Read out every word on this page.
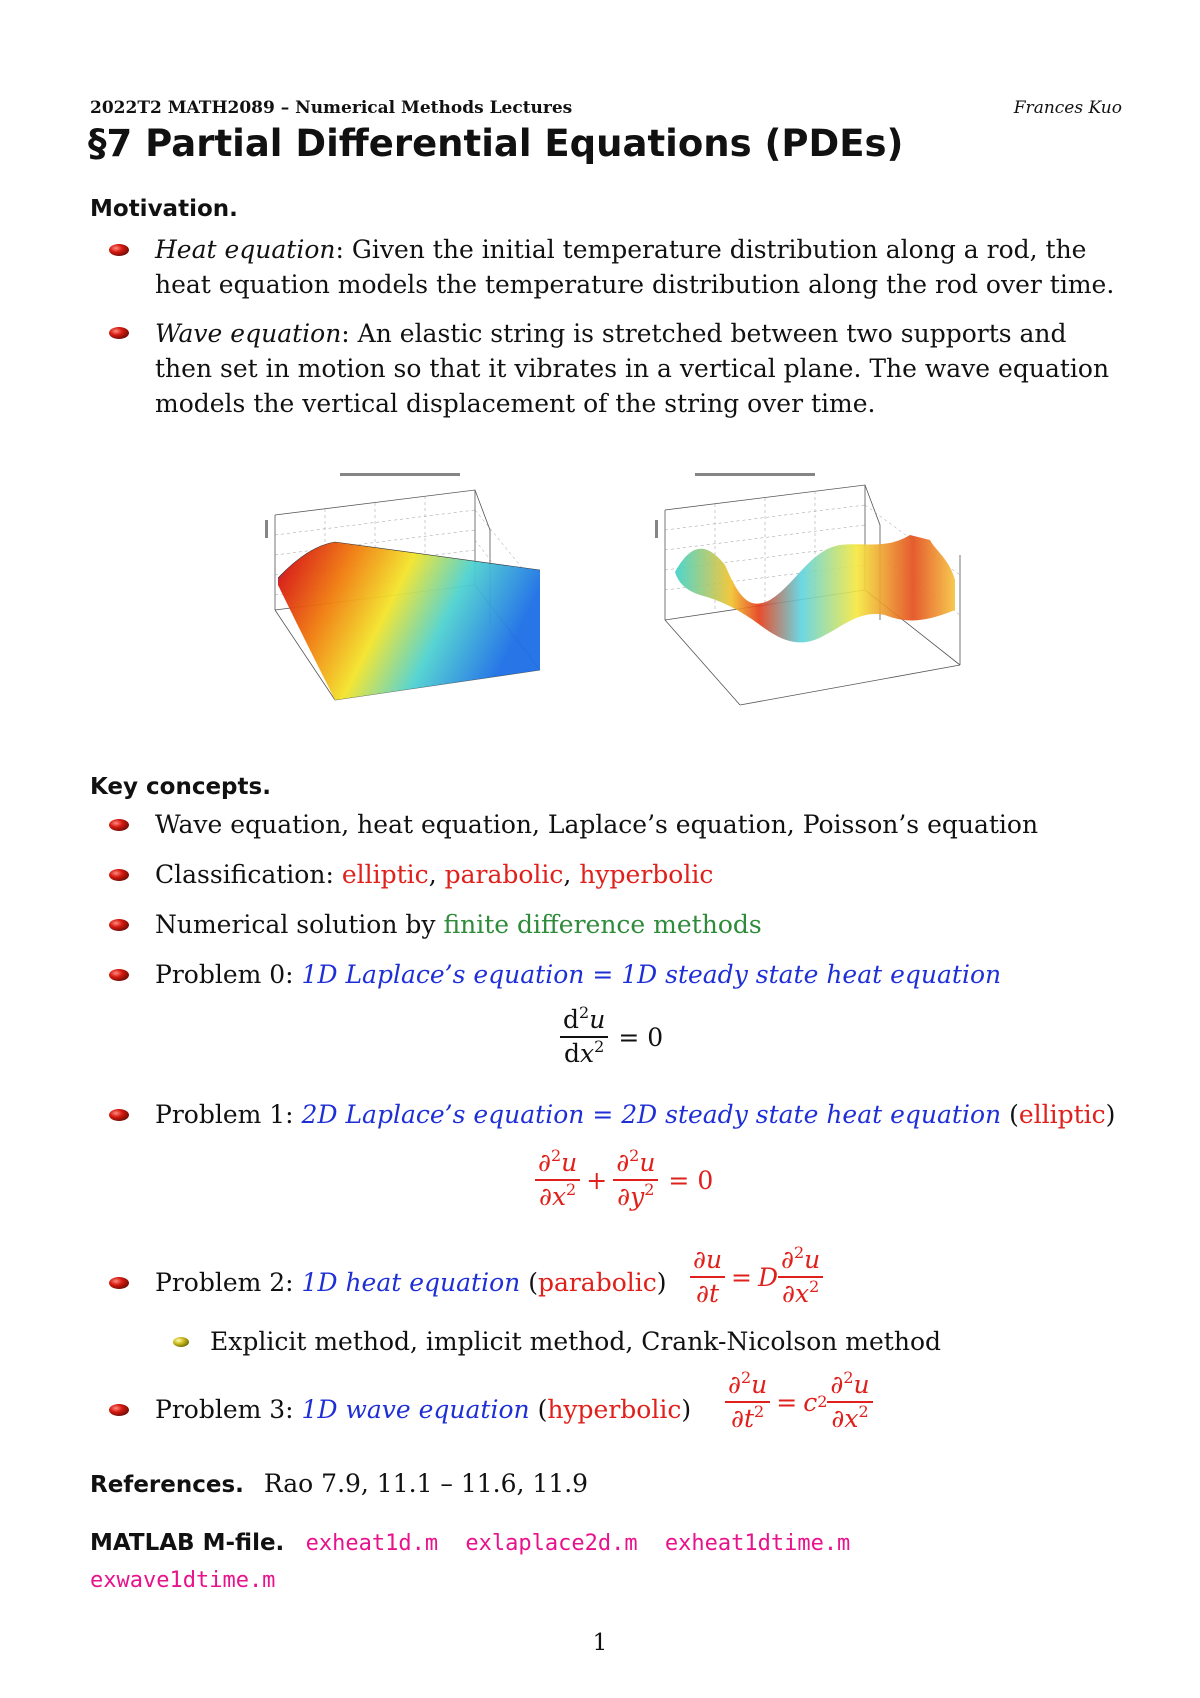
2022T2 MATH2089 – Numerical Methods Lectures	Frances Kuo
§7 Partial Differential Equations (PDEs)
Motivation.
Heat equation: Given the initial temperature distribution along a rod, the heat equation models the temperature distribution along the rod over time.
Wave equation: An elastic string is stretched between two supports and then set in motion so that it vibrates in a vertical plane. The wave equation models the vertical displacement of the string over time.
Key concepts.
Wave equation, heat equation, Laplace’s equation, Poisson’s equation
Classification: elliptic, parabolic, hyperbolic
Numerical solution by finite difference methods
Problem 0: 1D Laplace’s equation = 1D steady state heat equation
$\frac{d^2u}{dx^2} = 0$
Problem 1: 2D Laplace’s equation = 2D steady state heat equation (elliptic)
$\frac{\partial^2u}{\partial x^2} + \frac{\partial^2u}{\partial y^2} = 0$
Problem 2: 1D heat equation (parabolic) $\frac{\partial u}{\partial t} = D \frac{\partial^2u}{\partial x^2}$
Explicit method, implicit method, Crank-Nicolson method
Problem 3: 1D wave equation (hyperbolic) $\frac{\partial^2u}{\partial t^2} = c$ $2 \frac{\partial^2u}{\partial x^2}$
References. Rao 7.9, 11.1 – 11.6, 11.9
MATLAB M-file. exheat1d.m exlaplace2d.m exheat1dtime.m
exwave1dtime.m
1
